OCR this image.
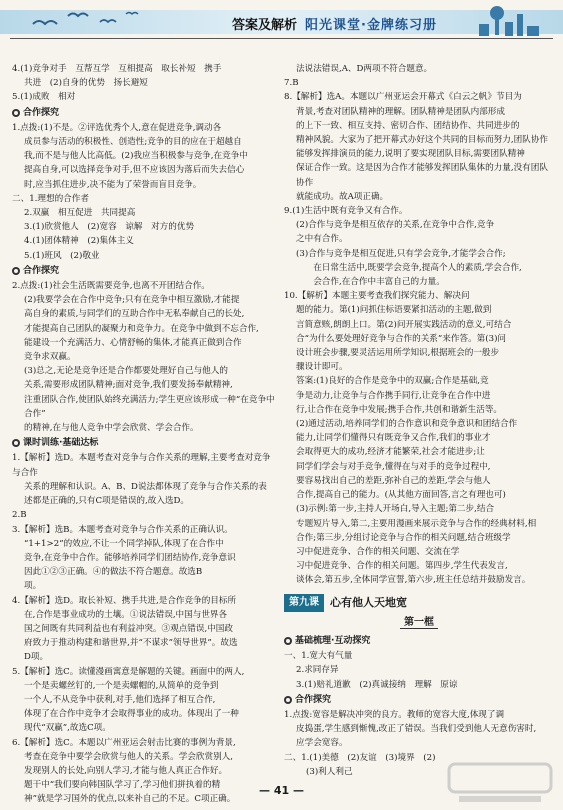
答案及解析 阳光课堂·金牌练习册

4.(1)竞争对手　互帮互学　互相提高　取长补短　携手

共进　(2)自身的优势　扬长避短

5.(1)成败　相对

合作探究

1.点拨:(1)不是。②评选优秀个人,意在促进竞争,调动各

成员参与活动的积极性、创造性;竞争的目的应在于超越自

我,而不是与他人比高低。(2)我应当积极参与竞争,在竞争中

提高自身,可以选择竞争对手,但不应该因为落后而失去信心

时,应当抓住进步,决不能为了荣誉而盲目竞争。

二、1.理想的合作者

2.双赢　相互促进　共同提高

3.(1)欣赏他人　(2)宽容　谅解　对方的优势

4.(1)团体精神　(2)集体主义

5.(1)班风　(2)敬业

合作探究

2.点拨:(1)社会生活既需要竞争,也离不开团结合作。

(2)我要学会在合作中竞争;只有在竞争中相互激励,才能提

高自身的素质,与同学们的互助合作中无私奉献自己的长处,

才能提高自己团队的凝聚力和竞争力。在竞争中做到不忘合作,

能建设一个充满活力、心情舒畅的集体,才能真正做到合作

竞争求双赢。

(3)总之,无论是竞争还是合作都要处理好自己与他人的

关系,需要形成团队精神;面对竞争,我们要发扬奉献精神,

注重团队合作,使团队始终充满活力;学生更应该形成一种“在竞争中合作”

的精神,在与他人竞争中学会欣赏、学会合作。

课时训练·基础达标

1.【解析】选D。本题考查对竞争与合作关系的理解,主要考查对竞争与合作

关系的理解和认识。A、B、D说法都体现了竞争与合作关系的表

述都是正确的,只有C项是错误的,故入选D。

2.B

3.【解析】选B。本题考查对竞争与合作关系的正确认识。

“1+1>2”的效应,不让一个同学掉队,体现了在合作中

竞争,在竞争中合作。能够培养同学们团结协作,竞争意识

因此①②③正确。④的做法不符合题意。故选B

项。

4.【解析】选D。取长补短、携手共进,是合作竞争的目标所

在,合作是事业成功的土壤。①说法错误,中国与世界各

国之间既有共同利益也有利益冲突。③观点错误,中国政

府致力于推动构建和谐世界,并“不谋求”领导世界”。故选

D项。

5.【解析】选C。读懂漫画寓意是解题的关键。画面中的两人,

一个是卖螺丝钉的,一个是卖螺帽的,从简单的竞争到

一个人,不从竞争中获利,对手,他们选择了相互合作,

体现了在合作中竞争才会取得事业的成功。体现出了一种

现代“双赢”,故选C项。

6.【解析】选C。本题以广州亚运会射击比赛的事例为背景,

考查在竞争中要学会欣赏与他人的关系。学会欣赏别人,

发现别人的长处,向别人学习,才能与他人真正合作好。

题干中“我们要向韩国队学习了,学习他们拼执着的精

神”就是学习国外的优点,以来补自己的不足。C项正确。

法说法错误,A、D两项不符合题意。

7.B

8.【解析】选A。本题以广州亚运会开幕式《白云之帆》节目为

背景,考查对团队精神的理解。团队精神是团队内部形成

的上下一致、相互支持、密切合作、团结协作、共同进步的

精神风貌。大家为了把开幕式办好这个共同的目标而努力,团队协作

能够发挥排演员的能力,说明了要实现团队目标,需要团队精神

保证合作一致。这是因为合作才能够发挥团队集体的力量,没有团队协作

就能成功。故A项正确。

9.(1)生活中既有竞争又有合作。

(2)合作与竞争是相互依存的关系,在竞争中合作,竞争

之中有合作。

(3)合作与竞争是相互促进,只有学会竞争,才能学会合作;

　　在日常生活中,既要学会竞争,提高个人的素质,学会合作,

　　会合作,在合作中丰富自己的力量。

10.【解析】本题主要考查我们探究能力、解决问

题的能力。第(1)问抓住标语要紧扣活动的主题,做到

言简意赅,朗朗上口。第(2)问开展实践活动的意义,可结合

合“为什么要处理好竞争与合作的关系”来作答。第(3)问

设计班会步骤,要灵活运用所学知识,根据班会的一般步

骤设计即可。

答案:(1)良好的合作是竞争中的双赢;合作是基础,竞

争是动力,让竞争与合作携手同行,让竞争在合作中进

行,让合作在竞争中发展;携手合作,共创和谐新生活等。

(2)通过活动,培养同学们的合作意识和竞争意识和团结合作

能力,让同学们懂得只有既竞争又合作,我们的事业才

会取得更大的成功,经济才能繁荣,社会才能进步;让

同学们学会与对手竞争,懂得在与对手的竞争过程中,

要容易找出自己的差距,弥补自己的差距,学会与他人

合作,提高自己的能力。(从其他方面回答,言之有理也可)

(3)示例:第一步,主持人开场白,导入主题;第二步,结合

专题短片导入,第二,主要用漫画来展示竞争与合作的经典材料,相

合作;第三步,分组讨论竞争与合作的相关问题,结合班级学

习中促进竞争、合作的相关问题、交流在学

习中促进竞争、合作的相关问题。第四步,学生代表发言,

谈体会,第五步,全体同学宣誓,第六步,班主任总结并鼓励发言。

第九课	心有他人天地宽
第一框
基础梳理·互动探究

一、1.宽大有气量

2.求同存异

3.(1)赔礼道歉　(2)真诚接纳　理解　原谅

合作探究

1.点拨:宽容是解决冲突的良方。教师的宽容大度,体现了调

皮捣蛋,学生感到惭愧,改正了错误。当我们受到他人无意伤害时,

应学会宽容。

二、1.(1)美德　(2)友谊　(3)境界　(2)

(3)利人利己

— 41 —
